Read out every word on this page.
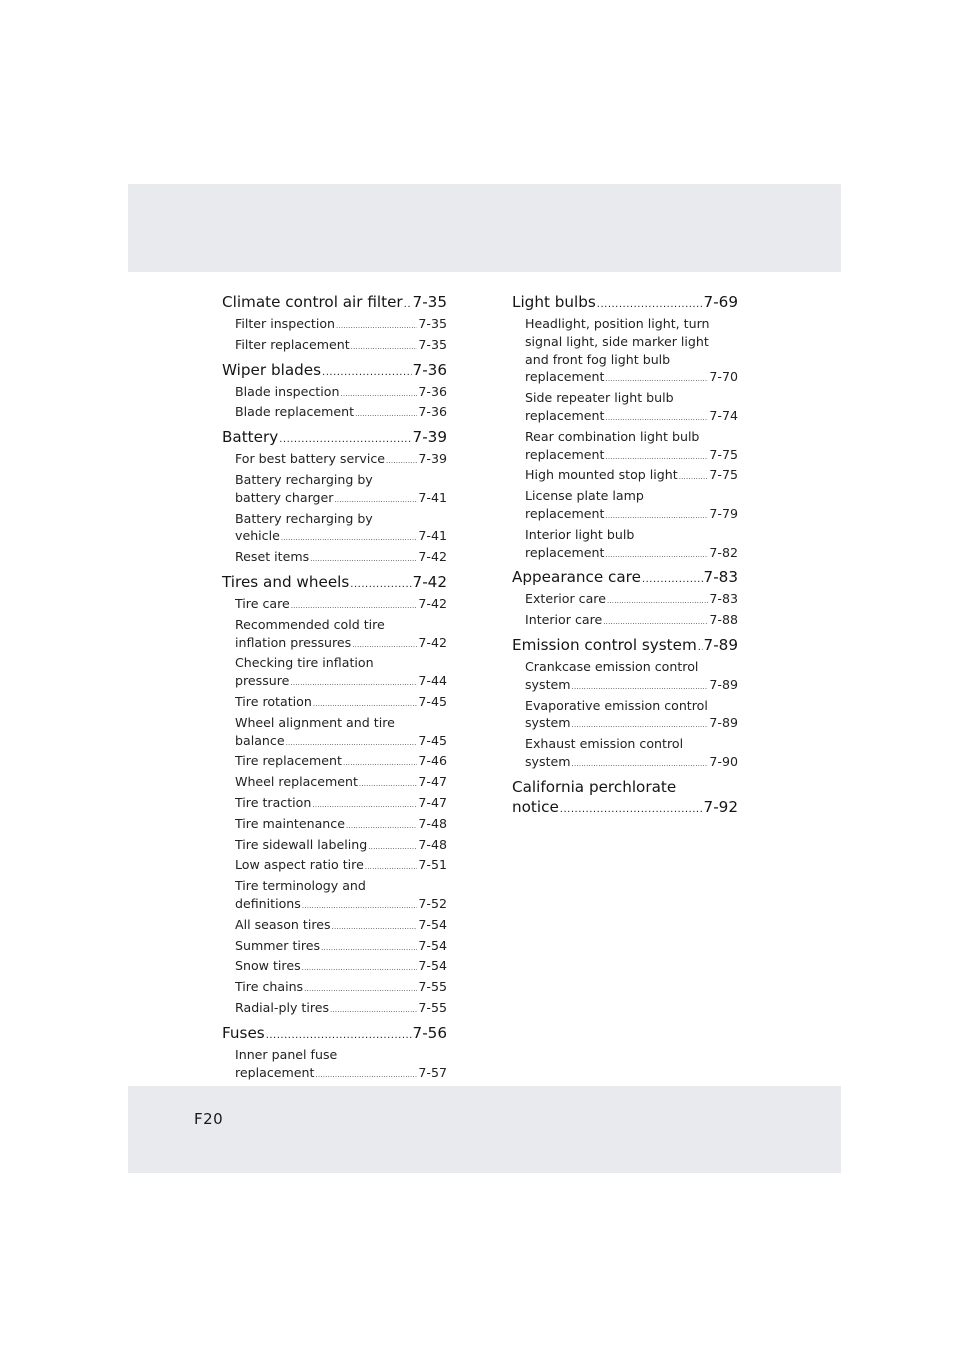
Climate control air filter ..... 7-35
Filter inspection .....	7-35
Filter replacement .....	7-35
Wiper blades .....	7-36
Blade inspection .....	7-36
Blade replacement .....	7-36
Battery .....	7-39
For best battery service .....	7-39
Battery recharging by
battery charger .....	7-41
Battery recharging by
vehicle .....	7-41
Reset items .....	7-42
Tires and wheels .....	7-42
Tire care .....	7-42
Recommended cold tire
inflation pressures .....	7-42
Checking tire inflation
pressure .....	7-44
Tire rotation .....	7-45
Wheel alignment and tire
balance .....	7-45
Tire replacement .....	7-46
Wheel replacement .....	7-47
Tire traction .....	7-47
Tire maintenance .....	7-48
Tire sidewall labeling .....	7-48
Low aspect ratio tire .....	7-51
Tire terminology and
definitions .....	7-52
All season tires .....	7-54
Summer tires .....	7-54
Snow tires .....	7-54
Tire chains .....	7-55
Radial-ply tires .....	7-55
Fuses .....	7-56
Inner panel fuse
replacement .....	7-57
.....
.....
Light bulbs .....	7-69
Headlight, position light, turn
signal light, side marker light
and front fog light bulb
replacement .....	7-70
Side repeater light bulb
replacement .....	7-74
Rear combination light bulb
replacement .....	7-75
High mounted stop light .....	7-75
License plate lamp
replacement .....	7-79
Interior light bulb
replacement .....	7-82
Appearance care .....	7-83
Exterior care .....	7-83
Interior care .....	7-88
Emission control system ..... 7-89
Crankcase emission control
system .....	7-89
Evaporative emission control
system .....	7-89
Exhaust emission control
system .....	7-90
California perchlorate
notice .....	7-92
F20
